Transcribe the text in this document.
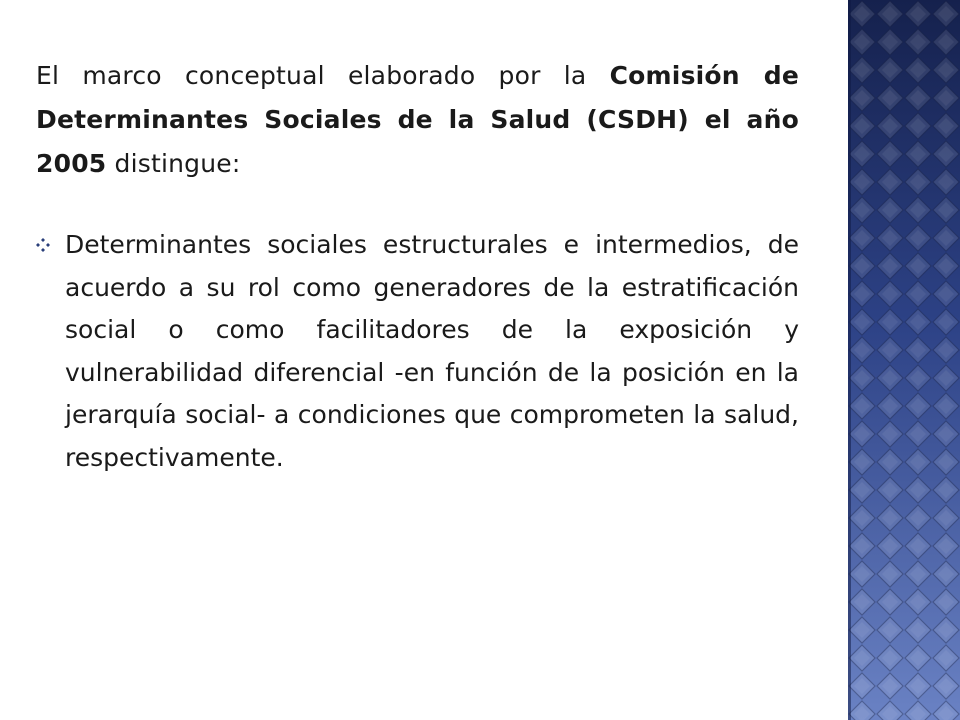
El marco conceptual elaborado por la Comisión de Determinantes Sociales de la Salud (CSDH) el año 2005 distingue:

Determinantes sociales estructurales e intermedios, de acuerdo a su rol como generadores de la estratificación social o como facilitadores de la exposición y vulnerabilidad diferencial -en función de la posición en la jerarquía social- a condiciones que comprometen la salud, respectivamente.
